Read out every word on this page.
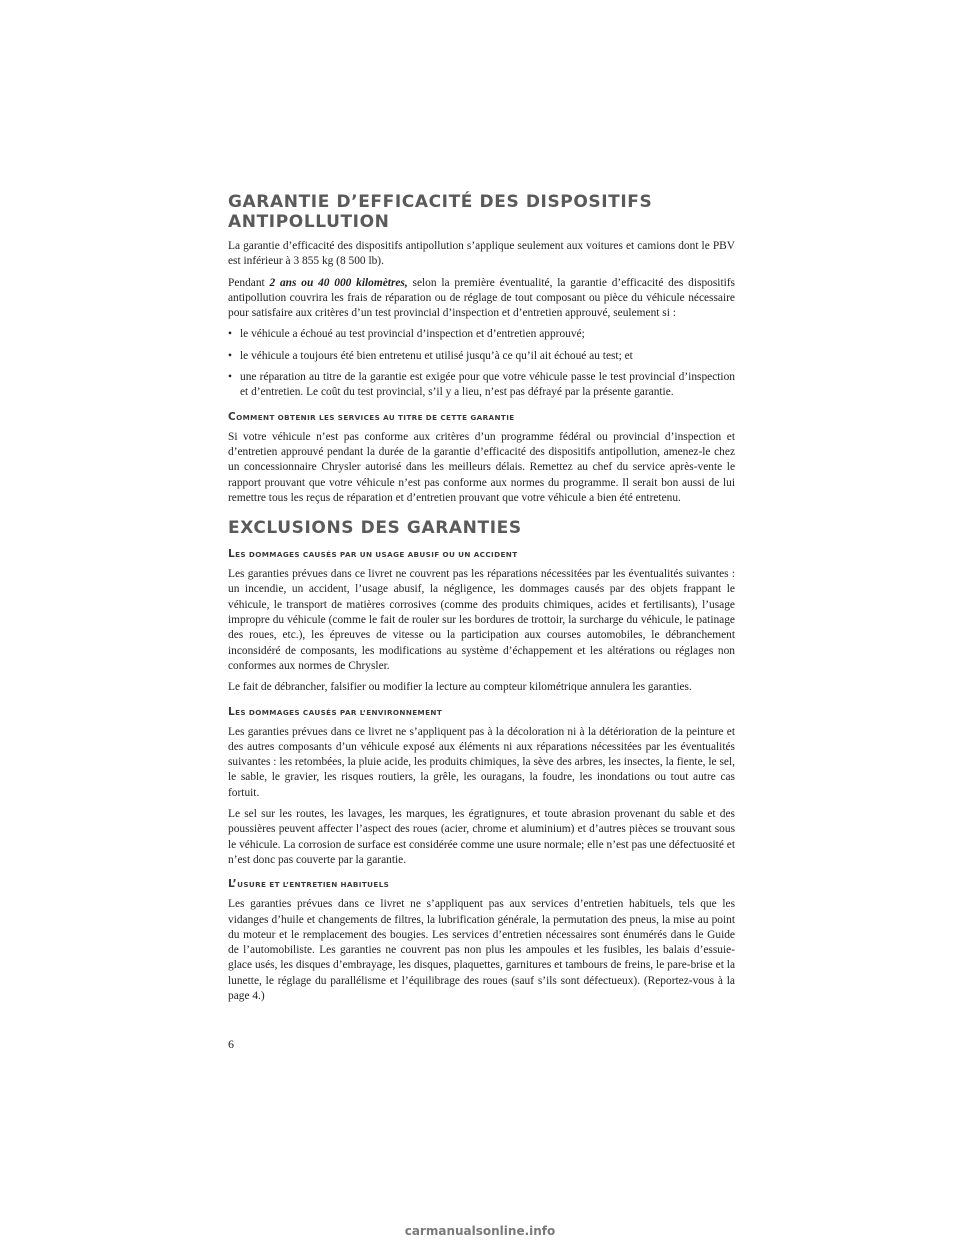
GARANTIE D’EFFICACITÉ DES DISPOSITIFS
ANTIPOLLUTION

La garantie d’efficacité des dispositifs antipollution s’applique seulement aux voitures et camions dont le PBV est inférieur à 3 855 kg (8 500 lb).

Pendant 2 ans ou 40 000 kilomètres, selon la première éventualité, la garantie d’efficacité des dispositifs antipollution couvrira les frais de réparation ou de réglage de tout composant ou pièce du véhicule nécessaire pour satisfaire aux critères d’un test provincial d’inspection et d’entretien approuvé, seulement si :

• le véhicule a échoué au test provincial d’inspection et d’entretien approuvé;
• le véhicule a toujours été bien entretenu et utilisé jusqu’à ce qu’il ait échoué au test; et
• une réparation au titre de la garantie est exigée pour que votre véhicule passe le test provincial d’inspection et d’entretien. Le coût du test provincial, s’il y a lieu, n’est pas défrayé par la présente garantie.
COMMENT OBTENIR LES SERVICES AU TITRE DE CETTE GARANTIE

Si votre véhicule n’est pas conforme aux critères d’un programme fédéral ou provincial d’inspection et d’entretien approuvé pendant la durée de la garantie d’efficacité des dispositifs antipollution, amenez-le chez un concessionnaire Chrysler autorisé dans les meilleurs délais. Remettez au chef du service après-vente le rapport prouvant que votre véhicule n’est pas conforme aux normes du programme. Il serait bon aussi de lui remettre tous les reçus de réparation et d’entretien prouvant que votre véhicule a bien été entretenu.

EXCLUSIONS DES GARANTIES
LES DOMMAGES CAUSÉS PAR UN USAGE ABUSIF OU UN ACCIDENT

Les garanties prévues dans ce livret ne couvrent pas les réparations nécessitées par les éventualités suivantes : un incendie, un accident, l’usage abusif, la négligence, les dommages causés par des objets frappant le véhicule, le transport de matières corrosives (comme des produits chimiques, acides et fertilisants), l’usage impropre du véhicule (comme le fait de rouler sur les bordures de trottoir, la surcharge du véhicule, le patinage des roues, etc.), les épreuves de vitesse ou la participation aux courses automobiles, le débranchement inconsidéré de composants, les modifications au système d’échappement et les altérations ou réglages non conformes aux normes de Chrysler.

Le fait de débrancher, falsifier ou modifier la lecture au compteur kilométrique annulera les garanties.

LES DOMMAGES CAUSÉS PAR L’ENVIRONNEMENT

Les garanties prévues dans ce livret ne s’appliquent pas à la décoloration ni à la détérioration de la peinture et des autres composants d’un véhicule exposé aux éléments ni aux réparations nécessitées par les éventualités suivantes : les retombées, la pluie acide, les produits chimiques, la sève des arbres, les insectes, la fiente, le sel, le sable, le gravier, les risques routiers, la grêle, les ouragans, la foudre, les inondations ou tout autre cas fortuit.

Le sel sur les routes, les lavages, les marques, les égratignures, et toute abrasion provenant du sable et des poussières peuvent affecter l’aspect des roues (acier, chrome et aluminium) et d’autres pièces se trouvant sous le véhicule. La corrosion de surface est considérée comme une usure normale; elle n’est pas une défectuosité et n’est donc pas couverte par la garantie.

L’USURE ET L’ENTRETIEN HABITUELS

Les garanties prévues dans ce livret ne s’appliquent pas aux services d’entretien habituels, tels que les vidanges d’huile et changements de filtres, la lubrification générale, la permutation des pneus, la mise au point du moteur et le remplacement des bougies. Les services d’entretien nécessaires sont énumérés dans le Guide de l’automobiliste. Les garanties ne couvrent pas non plus les ampoules et les fusibles, les balais d’essuie-glace usés, les disques d’embrayage, les disques, plaquettes, garnitures et tambours de freins, le pare-brise et la lunette, le réglage du parallélisme et l’équilibrage des roues (sauf s’ils sont défectueux). (Reportez-vous à la page 4.)

6
carmanualsonline.info
